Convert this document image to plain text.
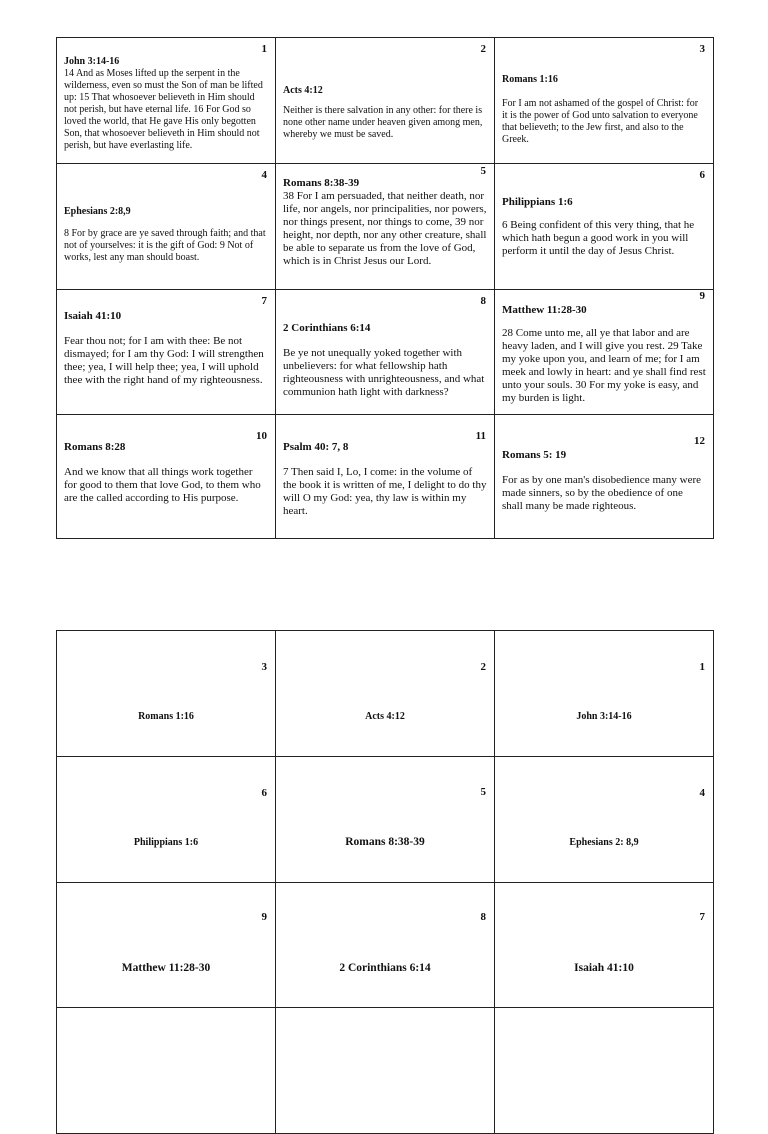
1
John 3:14-16
14 And as Moses lifted up the serpent in the wilderness, even so must the Son of man be lifted up: 15 That whosoever believeth in Him should not perish, but have eternal life. 16 For God so loved the world, that He gave His only begotten Son, that whosoever believeth in Him should not perish, but have everlasting life.
2
Acts 4:12
Neither is there salvation in any other: for there is none other name under heaven given among men, whereby we must be saved.
3
Romans 1:16
For I am not ashamed of the gospel of Christ: for it is the power of God unto salvation to everyone that believeth; to the Jew first, and also to the Greek.
4
Ephesians 2:8,9
8 For by grace are ye saved through faith; and that not of yourselves: it is the gift of God: 9 Not of works, lest any man should boast.
5
Romans 8:38-39
38 For I am persuaded, that neither death, nor life, nor angels, nor principalities, nor powers, nor things present, nor things to come, 39 nor height, nor depth, nor any other creature, shall be able to separate us from the love of God, which is in Christ Jesus our Lord.
6
Philippians 1:6
6 Being confident of this very thing, that he which hath begun a good work in you will perform it until the day of Jesus Christ.
7
Isaiah 41:10
Fear thou not; for I am with thee: Be not dismayed; for I am thy God: I will strengthen thee; yea, I will help thee; yea, I will uphold thee with the right hand of my righteousness.
8
2 Corinthians 6:14
Be ye not unequally yoked together with unbelievers: for what fellowship hath righteousness with unrighteousness, and what communion hath light with darkness?
9
Matthew 11:28-30
28 Come unto me, all ye that labor and are heavy laden, and I will give you rest. 29 Take my yoke upon you, and learn of me; for I am meek and lowly in heart: and ye shall find rest unto your souls. 30 For my yoke is easy, and my burden is light.
10
Romans 8:28
And we know that all things work together for good to them that love God, to them who are the called according to His purpose.
11
Psalm 40: 7, 8
7 Then said I, Lo, I come: in the volume of the book it is written of me, I delight to do thy will O my God: yea, thy law is within my heart.
12
Romans 5: 19
For as by one man's disobedience many were made sinners, so by the obedience of one shall many be made righteous.
3
Romans 1:16
2
Acts 4:12
1
John 3:14-16
6
Philippians 1:6
5
Romans 8:38-39
4
Ephesians 2: 8,9
9
Matthew 11:28-30
8
2 Corinthians 6:14
7
Isaiah 41:10
